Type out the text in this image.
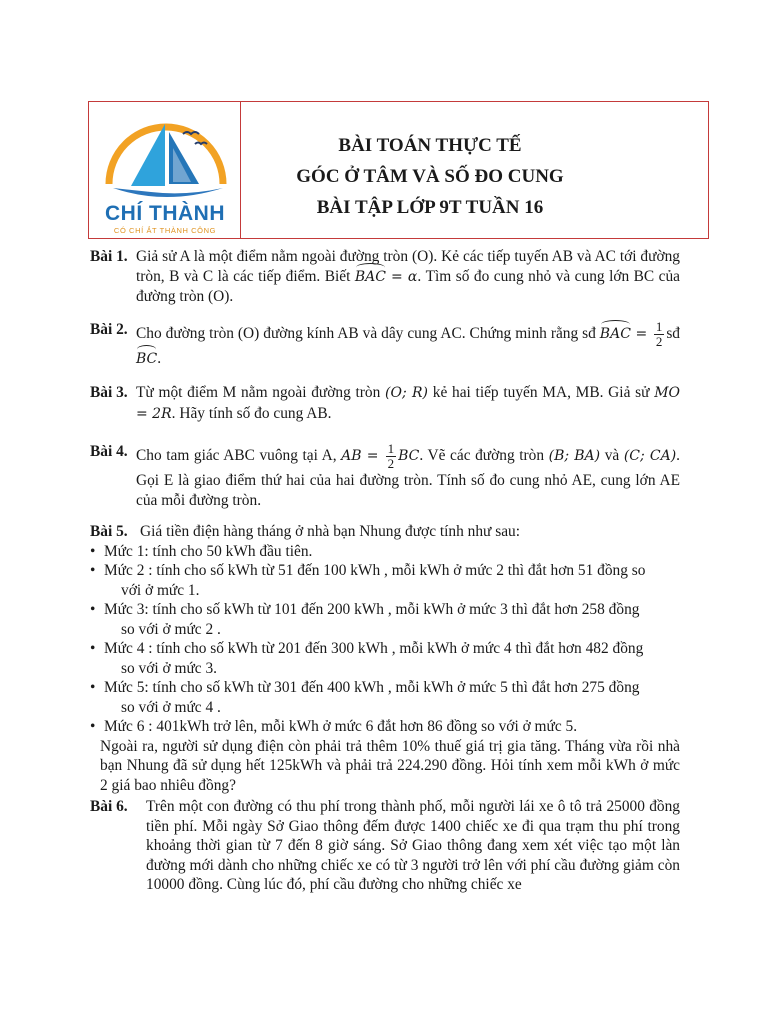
CHÍ THÀNH
CÓ CHÍ ẮT THÀNH CÔNG
BÀI TOÁN THỰC TẾ
GÓC Ở TÂM VÀ SỐ ĐO CUNG
BÀI TẬP LỚP 9T TUẦN 16
Bài 1. Giả sử A là một điểm nằm ngoài đường tròn (O). Kẻ các tiếp tuyến AB và AC tới đường tròn, B và C là các tiếp điểm. Biết BAC = α. Tìm số đo cung nhỏ và cung lớn BC của đường tròn (O).
Bài 2. Cho đường tròn (O) đường kính AB và dây cung AC. Chứng minh rằng sđ BAC = $\frac{1}{2}$ sđ BC.
Bài 3. Từ một điểm M nằm ngoài đường tròn (O; R) kẻ hai tiếp tuyến MA, MB. Giả sử MO = 2R. Hãy tính số đo cung AB.
Bài 4. Cho tam giác ABC vuông tại A, AB = $\frac{1}{2}$ BC. Vẽ các đường tròn (B; BA) và (C; CA). Gọi E là giao điểm thứ hai của hai đường tròn. Tính số đo cung nhỏ AE, cung lớn AE của mỗi đường tròn.
Bài 5. Giá tiền điện hàng tháng ở nhà bạn Nhung được tính như sau:
• Mức 1: tính cho 50 kWh đầu tiên.
• Mức 2 : tính cho số kWh từ 51 đến 100 kWh , mỗi kWh ở mức 2 thì đắt hơn 51 đồng so
với ở mức 1.
• Mức 3: tính cho số kWh từ 101 đến 200 kWh , mỗi kWh ở mức 3 thì đắt hơn 258 đồng
so với ở mức 2 .
• Mức 4 : tính cho số kWh từ 201 đến 300 kWh , mỗi kWh ở mức 4 thì đắt hơn 482 đồng
so với ở mức 3.
• Mức 5: tính cho số kWh từ 301 đến 400 kWh , mỗi kWh ở mức 5 thì đắt hơn 275 đồng
so với ở mức 4 .
• Mức 6 : 401kWh trở lên, mỗi kWh ở mức 6 đắt hơn 86 đồng so với ở mức 5.
Ngoài ra, người sử dụng điện còn phải trả thêm 10% thuế giá trị gia tăng. Tháng vừa rồi nhà bạn Nhung đã sử dụng hết 125kWh và phải trả 224.290 đồng. Hỏi tính xem mỗi kWh ở mức 2 giá bao nhiêu đồng?
Bài 6. Trên một con đường có thu phí trong thành phố, mỗi người lái xe ô tô trả 25000 đồng tiền phí. Mỗi ngày Sở Giao thông đếm được 1400 chiếc xe đi qua trạm thu phí trong khoảng thời gian từ 7 đến 8 giờ sáng. Sở Giao thông đang xem xét việc tạo một làn đường mới dành cho những chiếc xe có từ 3 người trở lên với phí cầu đường giảm còn 10000 đồng. Cùng lúc đó, phí cầu đường cho những chiếc xe
